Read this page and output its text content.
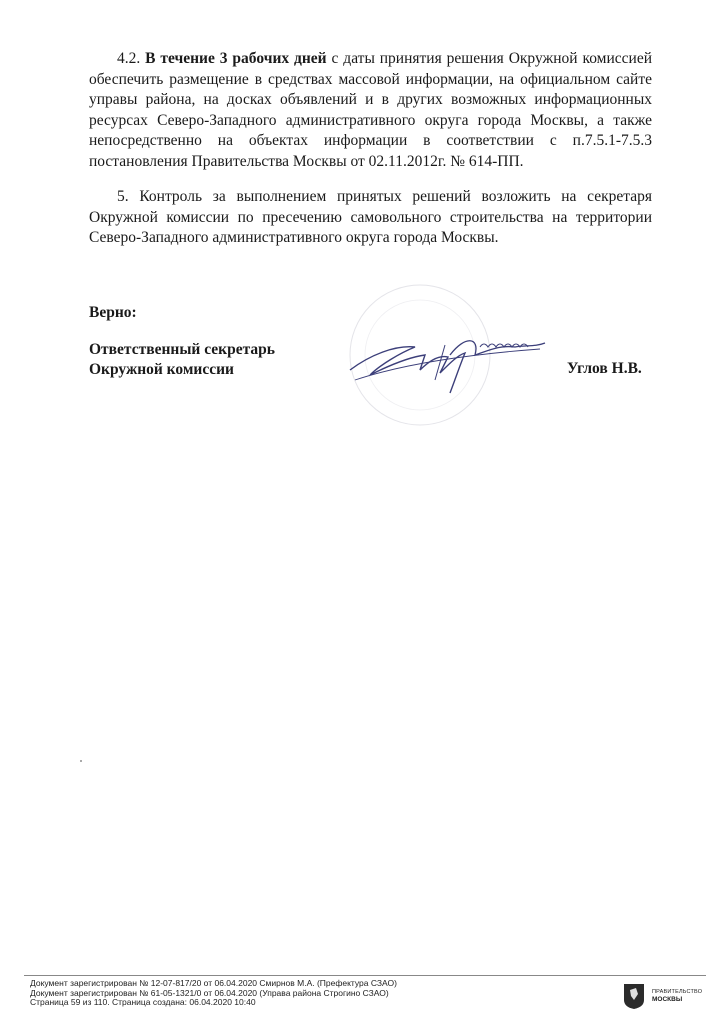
4.2. В течение 3 рабочих дней с даты принятия решения Окружной комиссией обеспечить размещение в средствах массовой информации, на официальном сайте управы района, на досках объявлений и в других возможных информационных ресурсах Северо-Западного административного округа города Москвы, а также непосредственно на объектах информации в соответствии с п.7.5.1-7.5.3 постановления Правительства Москвы от 02.11.2012г. № 614-ПП.

5. Контроль за выполнением принятых решений возложить на секретаря Окружной комиссии по пресечению самовольного строительства на территории Северо-Западного административного округа города Москвы.

Верно:
Ответственный секретарь
Окружной комиссии	Углов Н.В.
Документ зарегистрирован № 12-07-817/20 от 06.04.2020 Смирнов М.А. (Префектура СЗАО)
Документ зарегистрирован № 61-05-1321/0 от 06.04.2020 (Управа района Строгино СЗАО)
Страница 59 из 110. Страница создана: 06.04.2020 10:40
ПРАВИТЕЛЬСТВО
МОСКВЫ
